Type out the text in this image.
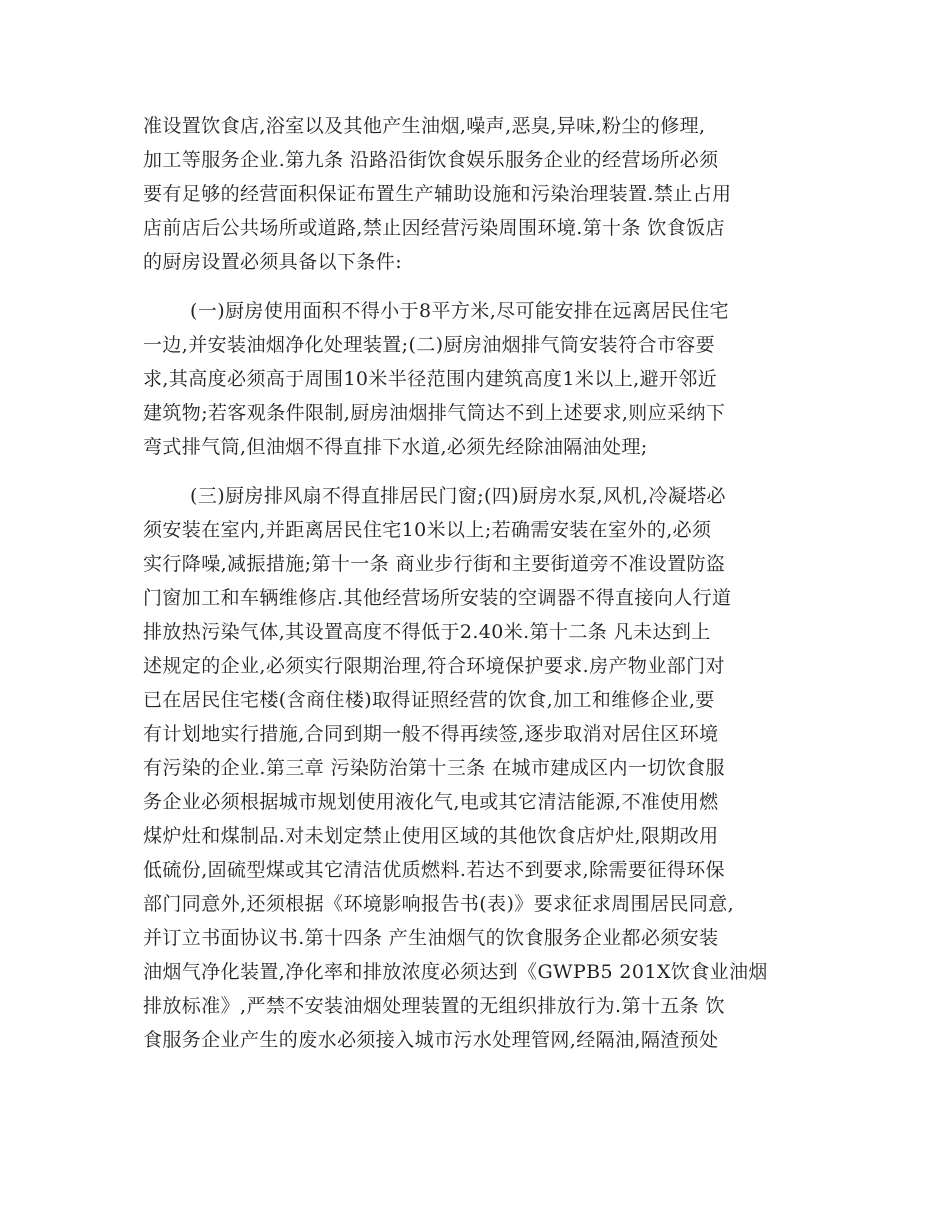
准设置饮食店,浴室以及其他产生油烟,噪声,恶臭,异味,粉尘的修理,
加工等服务企业.第九条 沿路沿街饮食娱乐服务企业的经营场所必须
要有足够的经营面积保证布置生产辅助设施和污染治理装置.禁止占用
店前店后公共场所或道路,禁止因经营污染周围环境.第十条 饮食饭店
的厨房设置必须具备以下条件:
(一)厨房使用面积不得小于8平方米,尽可能安排在远离居民住宅
一边,并安装油烟净化处理装置;(二)厨房油烟排气筒安装符合市容要
求,其高度必须高于周围10米半径范围内建筑高度1米以上,避开邻近
建筑物;若客观条件限制,厨房油烟排气筒达不到上述要求,则应采纳下
弯式排气筒,但油烟不得直排下水道,必须先经除油隔油处理;
(三)厨房排风扇不得直排居民门窗;(四)厨房水泵,风机,冷凝塔必
须安装在室内,并距离居民住宅10米以上;若确需安装在室外的,必须
实行降噪,减振措施;第十一条 商业步行街和主要街道旁不准设置防盗
门窗加工和车辆维修店.其他经营场所安装的空调器不得直接向人行道
排放热污染气体,其设置高度不得低于2.40米.第十二条 凡未达到上
述规定的企业,必须实行限期治理,符合环境保护要求.房产物业部门对
已在居民住宅楼(含商住楼)取得证照经营的饮食,加工和维修企业,要
有计划地实行措施,合同到期一般不得再续签,逐步取消对居住区环境
有污染的企业.第三章 污染防治第十三条 在城市建成区内一切饮食服
务企业必须根据城市规划使用液化气,电或其它清洁能源,不准使用燃
煤炉灶和煤制品.对未划定禁止使用区域的其他饮食店炉灶,限期改用
低硫份,固硫型煤或其它清洁优质燃料.若达不到要求,除需要征得环保
部门同意外,还须根据《环境影响报告书(表)》要求征求周围居民同意,
并订立书面协议书.第十四条 产生油烟气的饮食服务企业都必须安装
油烟气净化装置,净化率和排放浓度必须达到《GWPB5 201X饮食业油烟
排放标准》,严禁不安装油烟处理装置的无组织排放行为.第十五条 饮
食服务企业产生的废水必须接入城市污水处理管网,经隔油,隔渣预处
